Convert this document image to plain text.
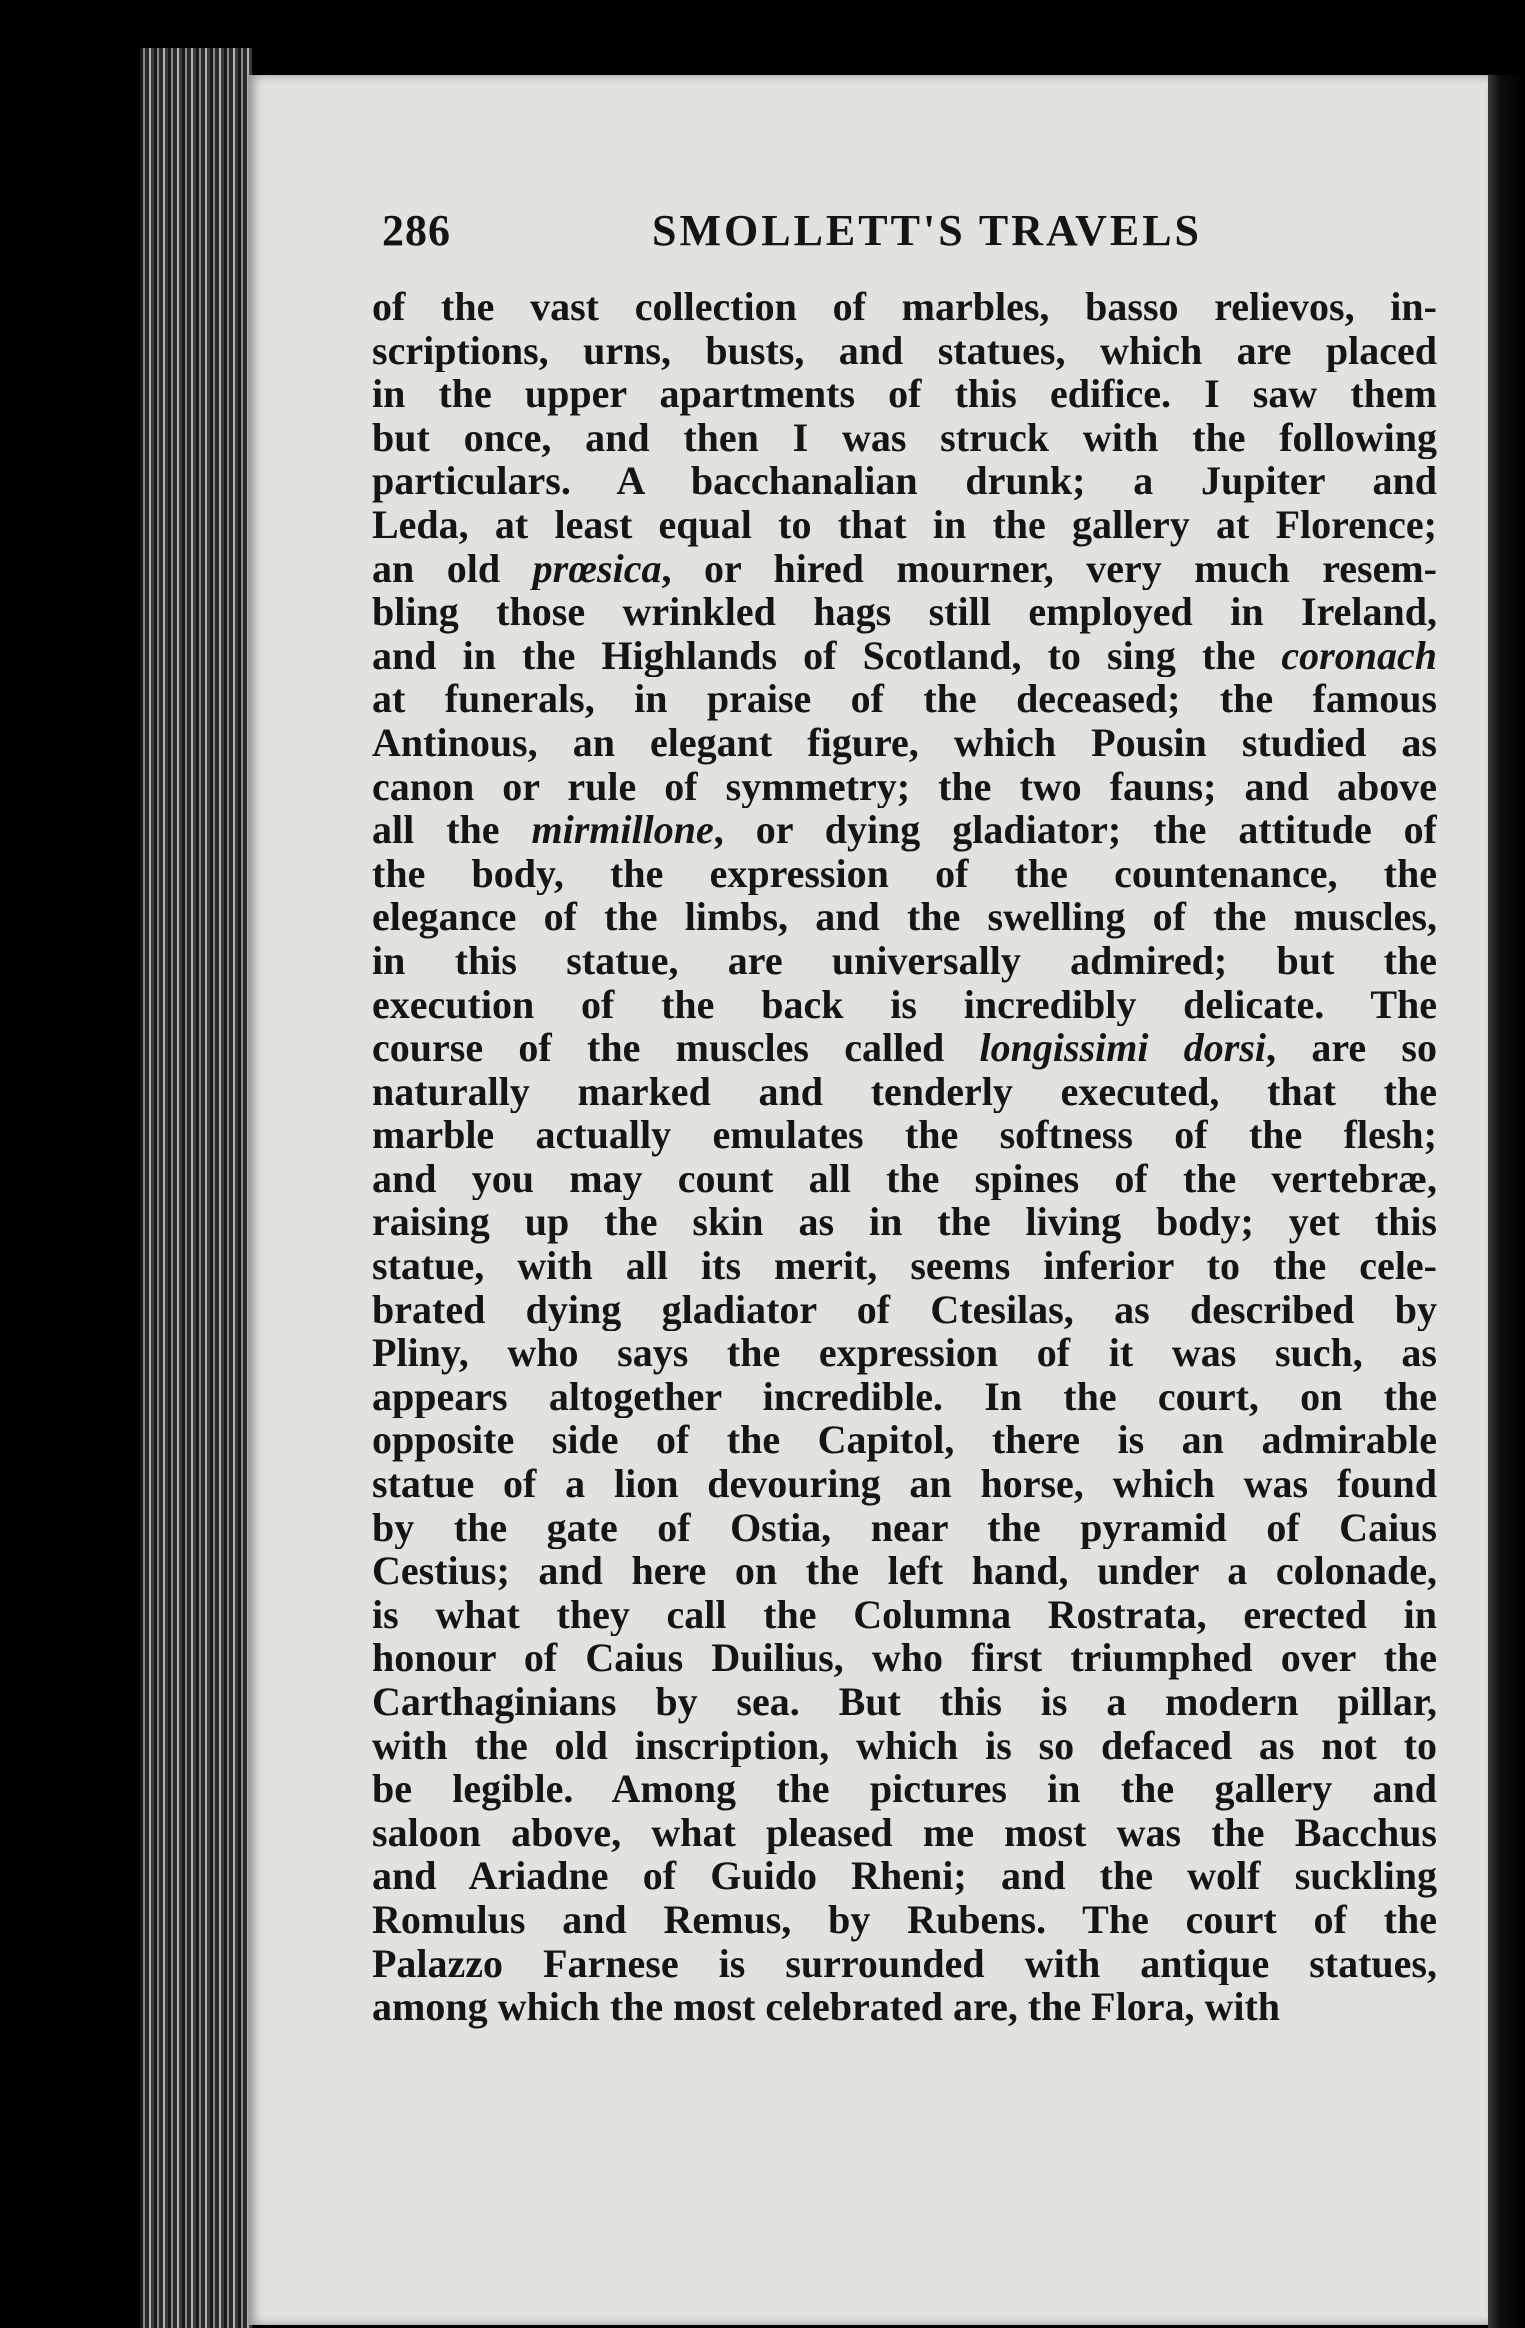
286	SMOLLETT'S TRAVELS
of the vast collection of marbles, basso relievos, in-
scriptions, urns, busts, and statues, which are placed
in the upper apartments of this edifice. I saw them
but once, and then I was struck with the following
particulars. A bacchanalian drunk; a Jupiter and
Leda, at least equal to that in the gallery at Florence;
an old prœsica, or hired mourner, very much resem-
bling those wrinkled hags still employed in Ireland,
and in the Highlands of Scotland, to sing the coronach
at funerals, in praise of the deceased; the famous
Antinous, an elegant figure, which Pousin studied as
canon or rule of symmetry; the two fauns; and above
all the mirmillone, or dying gladiator; the attitude of
the body, the expression of the countenance, the
elegance of the limbs, and the swelling of the muscles,
in this statue, are universally admired; but the
execution of the back is incredibly delicate. The
course of the muscles called longissimi dorsi, are so
naturally marked and tenderly executed, that the
marble actually emulates the softness of the flesh;
and you may count all the spines of the vertebræ,
raising up the skin as in the living body; yet this
statue, with all its merit, seems inferior to the cele-
brated dying gladiator of Ctesilas, as described by
Pliny, who says the expression of it was such, as
appears altogether incredible. In the court, on the
opposite side of the Capitol, there is an admirable
statue of a lion devouring an horse, which was found
by the gate of Ostia, near the pyramid of Caius
Cestius; and here on the left hand, under a colonade,
is what they call the Columna Rostrata, erected in
honour of Caius Duilius, who first triumphed over the
Carthaginians by sea. But this is a modern pillar,
with the old inscription, which is so defaced as not to
be legible. Among the pictures in the gallery and
saloon above, what pleased me most was the Bacchus
and Ariadne of Guido Rheni; and the wolf suckling
Romulus and Remus, by Rubens. The court of the
Palazzo Farnese is surrounded with antique statues,
among which the most celebrated are, the Flora, with
